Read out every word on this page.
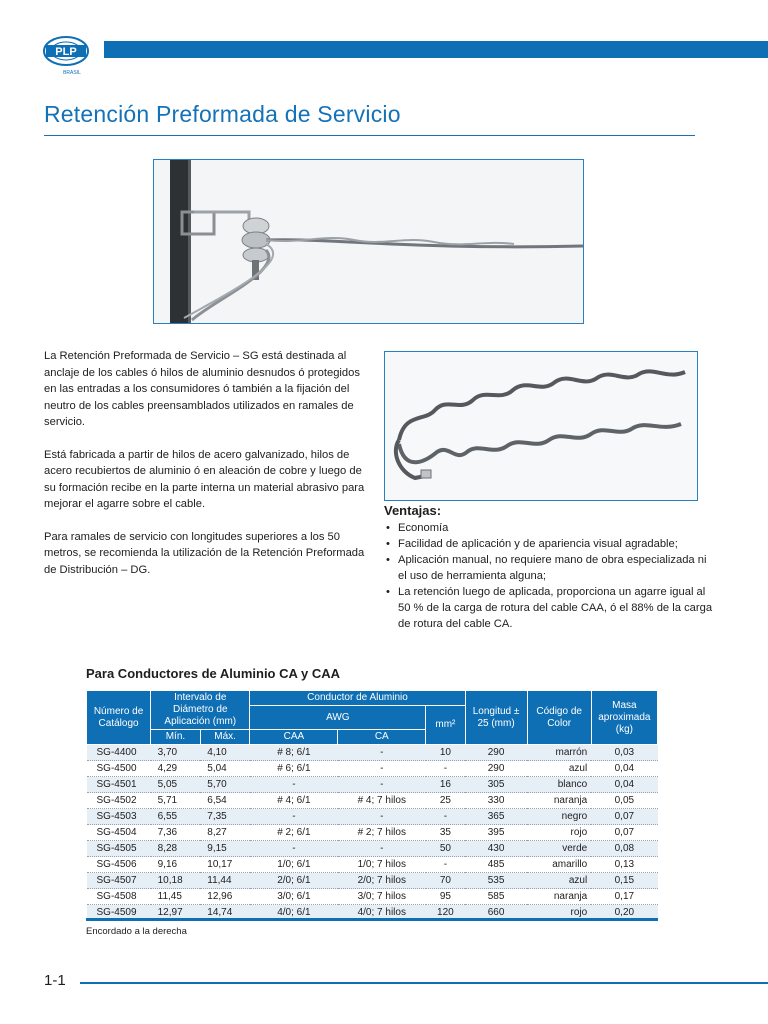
PLP
BRASIL
Retención Preformada de Servicio

La Retención Preformada de Servicio – SG está destinada al anclaje de los cables ó hilos de aluminio desnudos ó protegidos en las entradas a los consumidores ó también a la fijación del neutro de los cables preensamblados utilizados en ramales de servicio.

Está fabricada a partir de hilos de acero galvanizado, hilos de acero recubiertos de aluminio ó en aleación de cobre y luego de su formación recibe en la parte interna un material abrasivo para mejorar el agarre sobre el cable.

Para ramales de servicio con longitudes superiores a los 50 metros, se recomienda la utilización de la Retención Preformada de Distribución – DG.

Ventajas:
• Economía
• Facilidad de aplicación y de apariencia visual agradable;
• Aplicación manual, no requiere mano de obra especializada ni el uso de herramienta alguna;
• La retención luego de aplicada, proporciona un agarre igual al 50 % de la carga de rotura del cable CAA, ó el 88% de la carga de rotura del cable CA.
Para Conductores de Aluminio CA y CAA
Número de Catálogo	Intervalo de Diámetro de Aplicación (mm)		Conductor de Aluminio			Longitud ± 25 (mm)	Código de Color	Masa aproximada (kg)
			AWG		mm²			
	Mín.	Máx.	CAA	CA				
SG-4400	3,70	4,10	# 8; 6/1	-	10	290	marrón	0,03
SG-4500	4,29	5,04	# 6; 6/1	-	-	290	azul	0,04
SG-4501	5,05	5,70	-	-	16	305	blanco	0,04
SG-4502	5,71	6,54	# 4; 6/1	# 4; 7 hilos	25	330	naranja	0,05
SG-4503	6,55	7,35	-	-	-	365	negro	0,07
SG-4504	7,36	8,27	# 2; 6/1	# 2; 7 hilos	35	395	rojo	0,07
SG-4505	8,28	9,15	-	-	50	430	verde	0,08
SG-4506	9,16	10,17	1/0; 6/1	1/0; 7 hilos	-	485	amarillo	0,13
SG-4507	10,18	11,44	2/0; 6/1	2/0; 7 hilos	70	535	azul	0,15
SG-4508	11,45	12,96	3/0; 6/1	3/0; 7 hilos	95	585	naranja	0,17
SG-4509	12,97	14,74	4/0; 6/1	4/0; 7 hilos	120	660	rojo	0,20
Encordado a la derecha
1-1
